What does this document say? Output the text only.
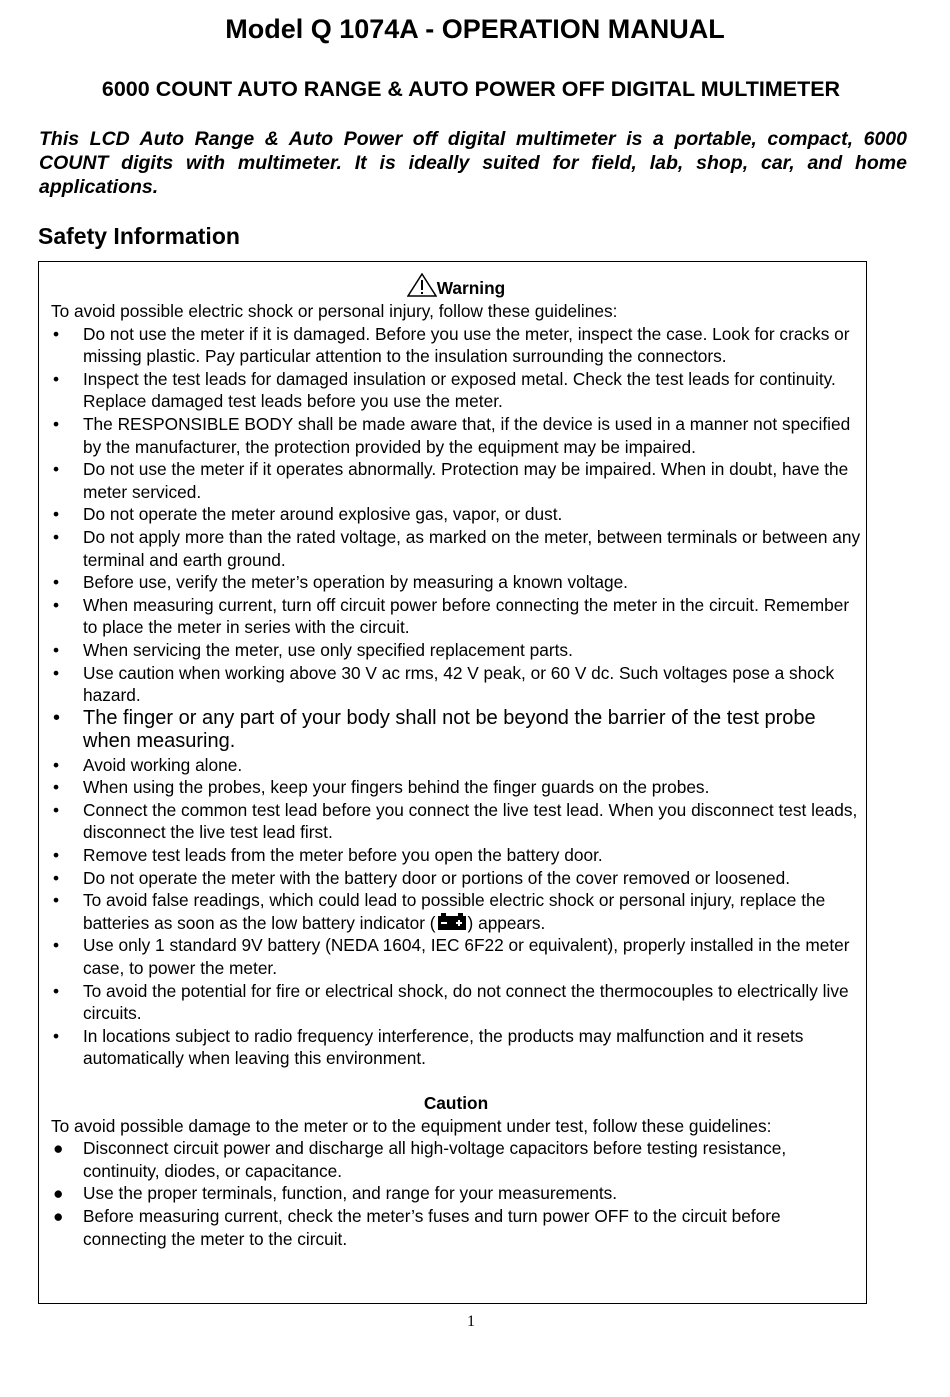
Model Q 1074A - OPERATION MANUAL
6000 COUNT AUTO RANGE & AUTO POWER OFF DIGITAL MULTIMETER
This LCD Auto Range & Auto Power off digital multimeter is a portable, compact, 6000 COUNT digits with multimeter. It is ideally suited for field, lab, shop, car, and home applications.
Safety Information
Warning
To avoid possible electric shock or personal injury, follow these guidelines:
• Do not use the meter if it is damaged. Before you use the meter, inspect the case. Look for cracks or missing plastic. Pay particular attention to the insulation surrounding the connectors.
• Inspect the test leads for damaged insulation or exposed metal. Check the test leads for continuity. Replace damaged test leads before you use the meter.
• The RESPONSIBLE BODY shall be made aware that, if the device is used in a manner not specified by the manufacturer, the protection provided by the equipment may be impaired.
• Do not use the meter if it operates abnormally. Protection may be impaired. When in doubt, have the meter serviced.
• Do not operate the meter around explosive gas, vapor, or dust.
• Do not apply more than the rated voltage, as marked on the meter, between terminals or between any terminal and earth ground.
• Before use, verify the meter’s operation by measuring a known voltage.
• When measuring current, turn off circuit power before connecting the meter in the circuit. Remember to place the meter in series with the circuit.
• When servicing the meter, use only specified replacement parts.
• Use caution when working above 30 V ac rms, 42 V peak, or 60 V dc. Such voltages pose a shock hazard.
• The finger or any part of your body shall not be beyond the barrier of the test probe when measuring.
• Avoid working alone.
• When using the probes, keep your fingers behind the finger guards on the probes.
• Connect the common test lead before you connect the live test lead. When you disconnect test leads, disconnect the live test lead first.
• Remove test leads from the meter before you open the battery door.
• Do not operate the meter with the battery door or portions of the cover removed or loosened.
• To avoid false readings, which could lead to possible electric shock or personal injury, replace the batteries as soon as the low battery indicator ( ) appears.
• Use only 1 standard 9V battery (NEDA 1604, IEC 6F22 or equivalent), properly installed in the meter case, to power the meter.
• To avoid the potential for fire or electrical shock, do not connect the thermocouples to electrically live circuits.
• In locations subject to radio frequency interference, the products may malfunction and it resets automatically when leaving this environment.
Caution
To avoid possible damage to the meter or to the equipment under test, follow these guidelines:
● Disconnect circuit power and discharge all high-voltage capacitors before testing resistance, continuity, diodes, or capacitance.
● Use the proper terminals, function, and range for your measurements.
● Before measuring current, check the meter’s fuses and turn power OFF to the circuit before connecting the meter to the circuit.
1
